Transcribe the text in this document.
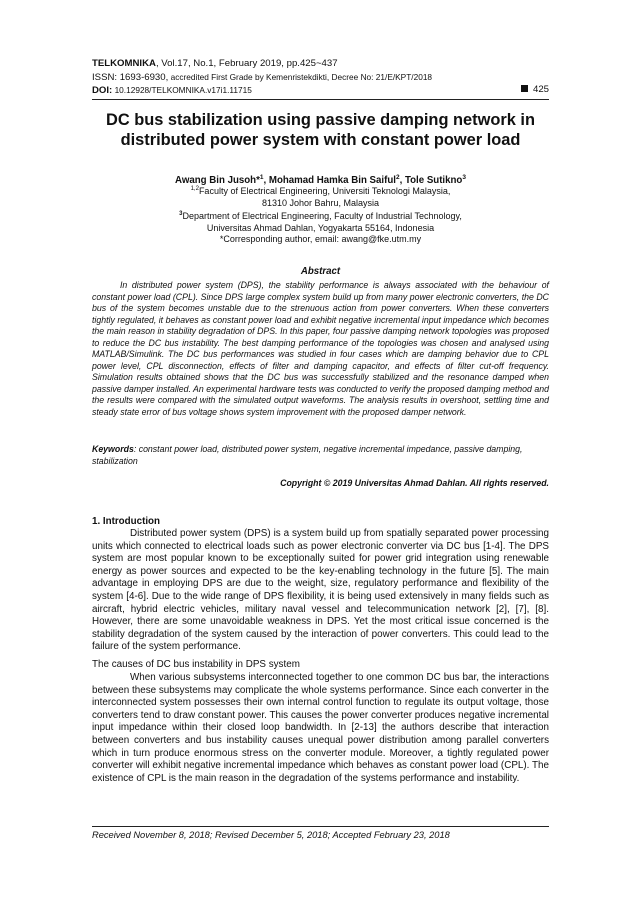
TELKOMNIKA, Vol.17, No.1, February 2019, pp.425~437
ISSN: 1693-6930, accredited First Grade by Kemenristekdikti, Decree No: 21/E/KPT/2018
DOI: 10.12928/TELKOMNIKA.v17i1.11715	425
DC bus stabilization using passive damping network in distributed power system with constant power load
Awang Bin Jusoh*$^1$, Mohamad Hamka Bin Saiful$^2$, Tole Sutikno$^3$
$^{1,2}$Faculty of Electrical Engineering, Universiti Teknologi Malaysia,
81310 Johor Bahru, Malaysia
$^3$Department of Electrical Engineering, Faculty of Industrial Technology,
Universitas Ahmad Dahlan, Yogyakarta 55164, Indonesia
*Corresponding author, email: awang@fke.utm.my
Abstract
In distributed power system (DPS), the stability performance is always associated with the behaviour of constant power load (CPL). Since DPS large complex system build up from many power electronic converters, the DC bus of the system becomes unstable due to the strenuous action from power converters. When these converters tightly regulated, it behaves as constant power load and exhibit negative incremental input impedance which becomes the main reason in stability degradation of DPS. In this paper, four passive damping network topologies was proposed to reduce the DC bus instability. The best damping performance of the topologies was chosen and analysed using MATLAB/Simulink. The DC bus performances was studied in four cases which are damping behavior due to CPL power level, CPL disconnection, effects of filter and damping capacitor, and effects of filter cut-off frequency. Simulation results obtained shows that the DC bus was successfully stabilized and the resonance damped when passive damper installed. An experimental hardware tests was conducted to verify the proposed damping method and the results were compared with the simulated output waveforms. The analysis results in overshoot, settling time and steady state error of bus voltage shows system improvement with the proposed damper network.
Keywords: constant power load, distributed power system, negative incremental impedance, passive damping, stabilization
Copyright © 2019 Universitas Ahmad Dahlan. All rights reserved.
1. Introduction
Distributed power system (DPS) is a system build up from spatially separated power processing units which connected to electrical loads such as power electronic converter via DC bus [1-4]. The DPS system are most popular known to be exceptionally suited for power grid integration using renewable energy as power sources and expected to be the key-enabling technology in the future [5]. The main advantage in employing DPS are due to the weight, size, regulatory performance and flexibility of the system [4-6]. Due to the wide range of DPS flexibility, it is being used extensively in many fields such as aircraft, hybrid electric vehicles, military naval vessel and telecommunication network [2], [7], [8]. However, there are some unavoidable weakness in DPS. Yet the most critical issue concerned is the stability degradation of the system caused by the interaction of power converters. This could lead to the failure of the system performance.
The causes of DC bus instability in DPS system
When various subsystems interconnected together to one common DC bus bar, the interactions between these subsystems may complicate the whole systems performance. Since each converter in the interconnected system possesses their own internal control function to regulate its output voltage, those converters tend to draw constant power. This causes the power converter produces negative incremental input impedance within their closed loop bandwidth. In [2-13] the authors describe that interaction between converters and bus instability causes unequal power distribution among parallel converters which in turn produce enormous stress on the converter module. Moreover, a tightly regulated power converter will exhibit negative incremental impedance which behaves as constant power load (CPL). The existence of CPL is the main reason in the degradation of the systems performance and instability.
Received November 8, 2018; Revised December 5, 2018; Accepted February 23, 2018
